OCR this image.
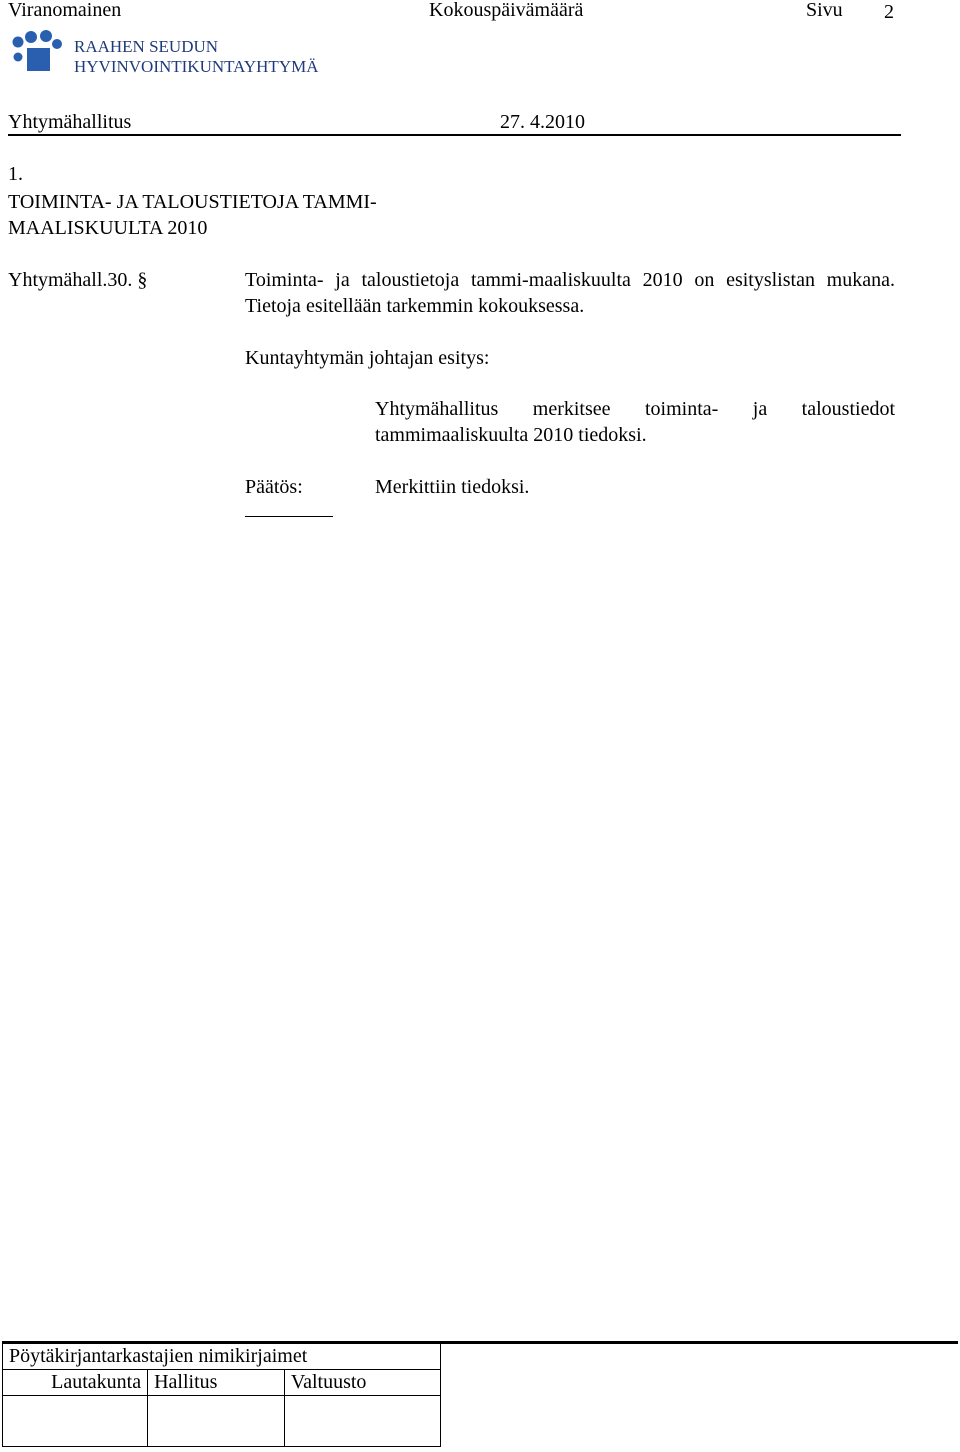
Viranomainen	Kokouspäivämäärä	Sivu 2
RAAHEN SEUDUN
HYVINVOINTIKUNTAYHTYMÄ
Yhtymähallitus	27. 4.2010
1.
TOIMINTA- JA TALOUSTIETOJA TAMMI-
MAALISKUULTA 2010
Yhtymähall.30. §	Toiminta- ja taloustietoja tammi-maaliskuulta 2010 on esityslistan mukana. Tietoja esitellään tarkemmin kokouksessa.
Kuntayhtymän johtajan esitys:
Yhtymähallitus merkitsee toiminta- ja taloustiedot tammimaaliskuulta 2010 tiedoksi.
Päätös:	Merkittiin tiedoksi.
Pöytäkirjantarkastajien nimikirjaimet		
Lautakunta	Hallitus	Valtuusto
